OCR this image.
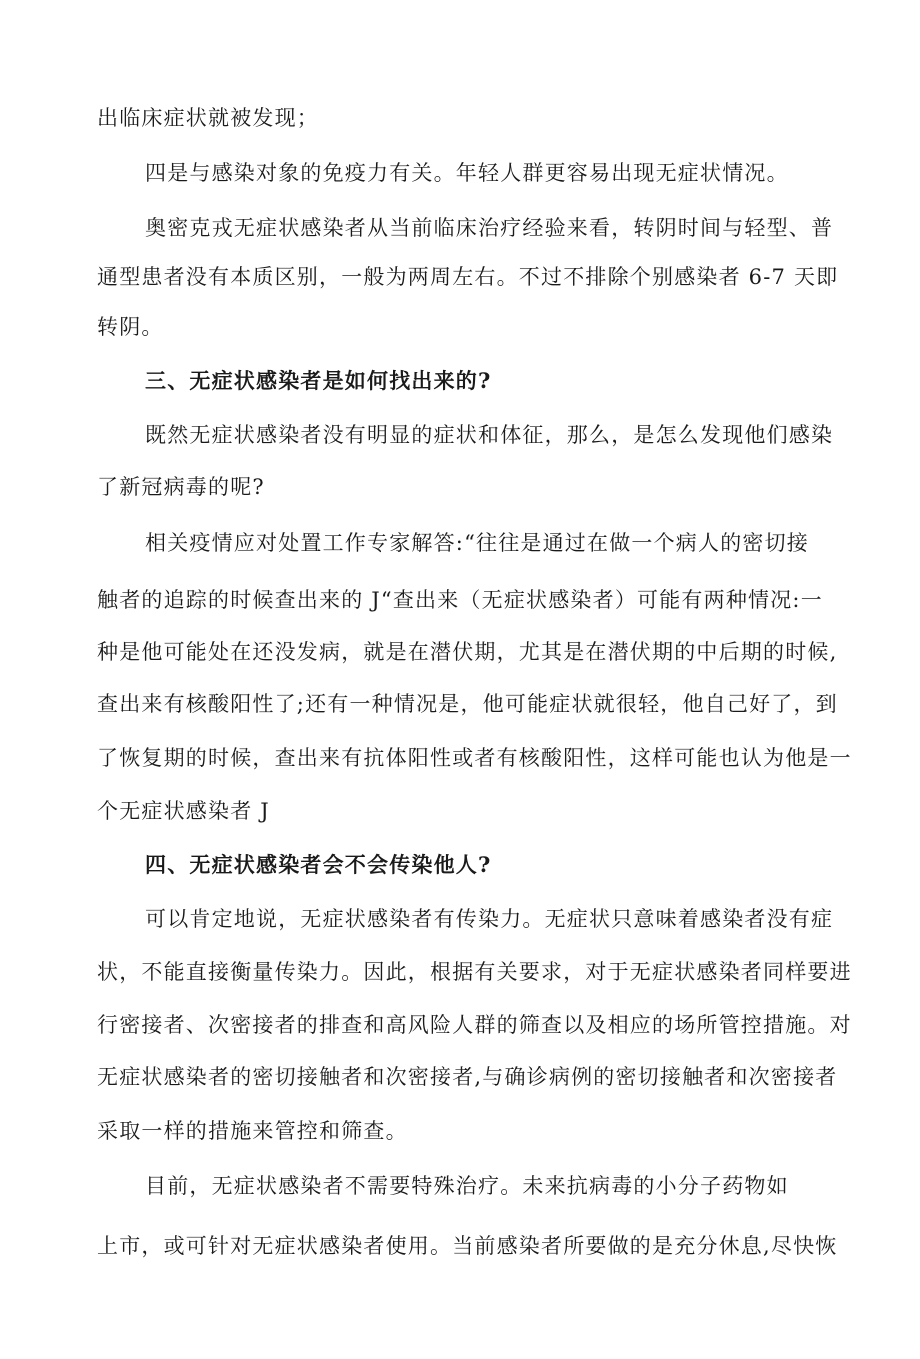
出临床症状就被发现；
四是与感染对象的免疫力有关。年轻人群更容易出现无症状情况。
奥密克戎无症状感染者从当前临床治疗经验来看，转阴时间与轻型、普
通型患者没有本质区别，一般为两周左右。不过不排除个别感染者 6-7 天即
转阴。
三、无症状感染者是如何找出来的?
既然无症状感染者没有明显的症状和体征，那么，是怎么发现他们感染
了新冠病毒的呢?
相关疫情应对处置工作专家解答:“往往是通过在做一个病人的密切接
触者的追踪的时候查出来的 J“查出来（无症状感染者）可能有两种情况:一
种是他可能处在还没发病，就是在潜伏期，尤其是在潜伏期的中后期的时候,
查出来有核酸阳性了;还有一种情况是，他可能症状就很轻，他自己好了，到
了恢复期的时候，查出来有抗体阳性或者有核酸阳性，这样可能也认为他是一
个无症状感染者 J
四、无症状感染者会不会传染他人?
可以肯定地说，无症状感染者有传染力。无症状只意味着感染者没有症
状，不能直接衡量传染力。因此，根据有关要求，对于无症状感染者同样要进
行密接者、次密接者的排查和高风险人群的筛查以及相应的场所管控措施。对
无症状感染者的密切接触者和次密接者,与确诊病例的密切接触者和次密接者
采取一样的措施来管控和筛查。
目前，无症状感染者不需要特殊治疗。未来抗病毒的小分子药物如
上市，或可针对无症状感染者使用。当前感染者所要做的是充分休息,尽快恢
